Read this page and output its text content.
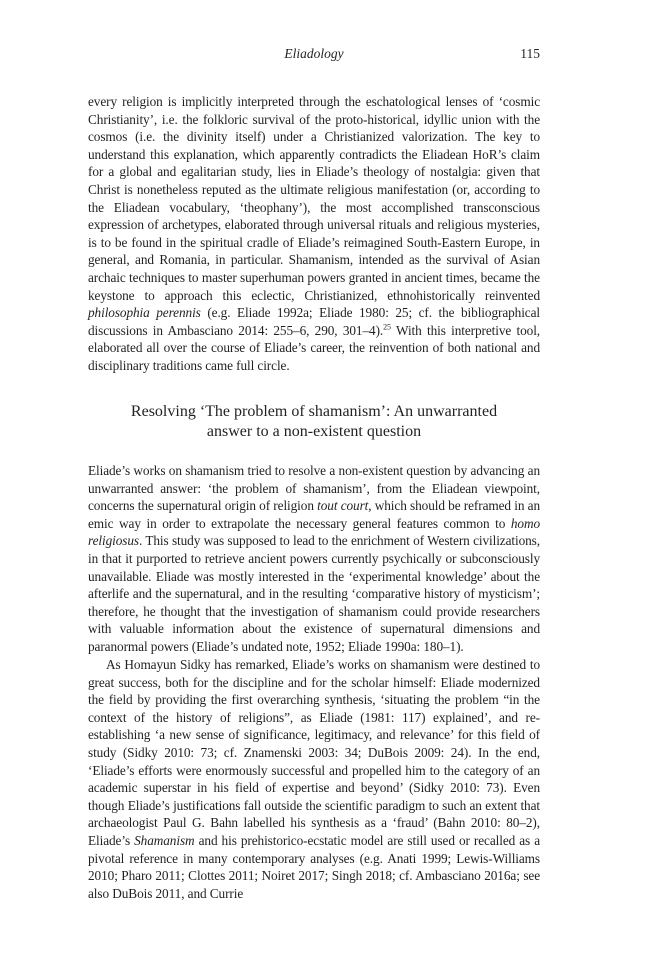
Eliadology	115

every religion is implicitly interpreted through the eschatological lenses of ‘cosmic Christianity’, i.e. the folkloric survival of the proto-historical, idyllic union with the cosmos (i.e. the divinity itself) under a Christianized valorization. The key to understand this explanation, which apparently contradicts the Eliadean HoR’s claim for a global and egalitarian study, lies in Eliade’s theology of nostalgia: given that Christ is nonetheless reputed as the ultimate religious manifestation (or, according to the Eliadean vocabulary, ‘theophany’), the most accomplished transconscious expression of archetypes, elaborated through universal rituals and religious mysteries, is to be found in the spiritual cradle of Eliade’s reimagined South-Eastern Europe, in general, and Romania, in particular. Shamanism, intended as the survival of Asian archaic techniques to master superhuman powers granted in ancient times, became the keystone to approach this eclectic, Christianized, ethnohistorically reinvented philosophia perennis (e.g. Eliade 1992a; Eliade 1980: 25; cf. the bibliographical discussions in Ambasciano 2014: 255–6, 290, 301–4).$^{25}$ With this interpretive tool, elaborated all over the course of Eliade’s career, the reinvention of both national and disciplinary traditions came full circle.

Resolving ‘The problem of shamanism’: An unwarranted
answer to a non-existent question

Eliade’s works on shamanism tried to resolve a non-existent question by advancing an unwarranted answer: ‘the problem of shamanism’, from the Eliadean viewpoint, concerns the supernatural origin of religion tout court, which should be reframed in an emic way in order to extrapolate the necessary general features common to homo religiosus. This study was supposed to lead to the enrichment of Western civilizations, in that it purported to retrieve ancient powers currently psychically or subconsciously unavailable. Eliade was mostly interested in the ‘experimental knowledge’ about the afterlife and the supernatural, and in the resulting ‘comparative history of mysticism’; therefore, he thought that the investigation of shamanism could provide researchers with valuable information about the existence of supernatural dimensions and paranormal powers (Eliade’s undated note, 1952; Eliade 1990a: 180–1).

As Homayun Sidky has remarked, Eliade’s works on shamanism were destined to great success, both for the discipline and for the scholar himself: Eliade modernized the field by providing the first overarching synthesis, ‘situating the problem “in the context of the history of religions”, as Eliade (1981: 117) explained’, and re-establishing ‘a new sense of significance, legitimacy, and relevance’ for this field of study (Sidky 2010: 73; cf. Znamenski 2003: 34; DuBois 2009: 24). In the end, ‘Eliade’s efforts were enormously successful and propelled him to the category of an academic superstar in his field of expertise and beyond’ (Sidky 2010: 73). Even though Eliade’s justifications fall outside the scientific paradigm to such an extent that archaeologist Paul G. Bahn labelled his synthesis as a ‘fraud’ (Bahn 2010: 80–2), Eliade’s Shamanism and his prehistorico-ecstatic model are still used or recalled as a pivotal reference in many contemporary analyses (e.g. Anati 1999; Lewis-Williams 2010; Pharo 2011; Clottes 2011; Noiret 2017; Singh 2018; cf. Ambasciano 2016a; see also DuBois 2011, and Currie
